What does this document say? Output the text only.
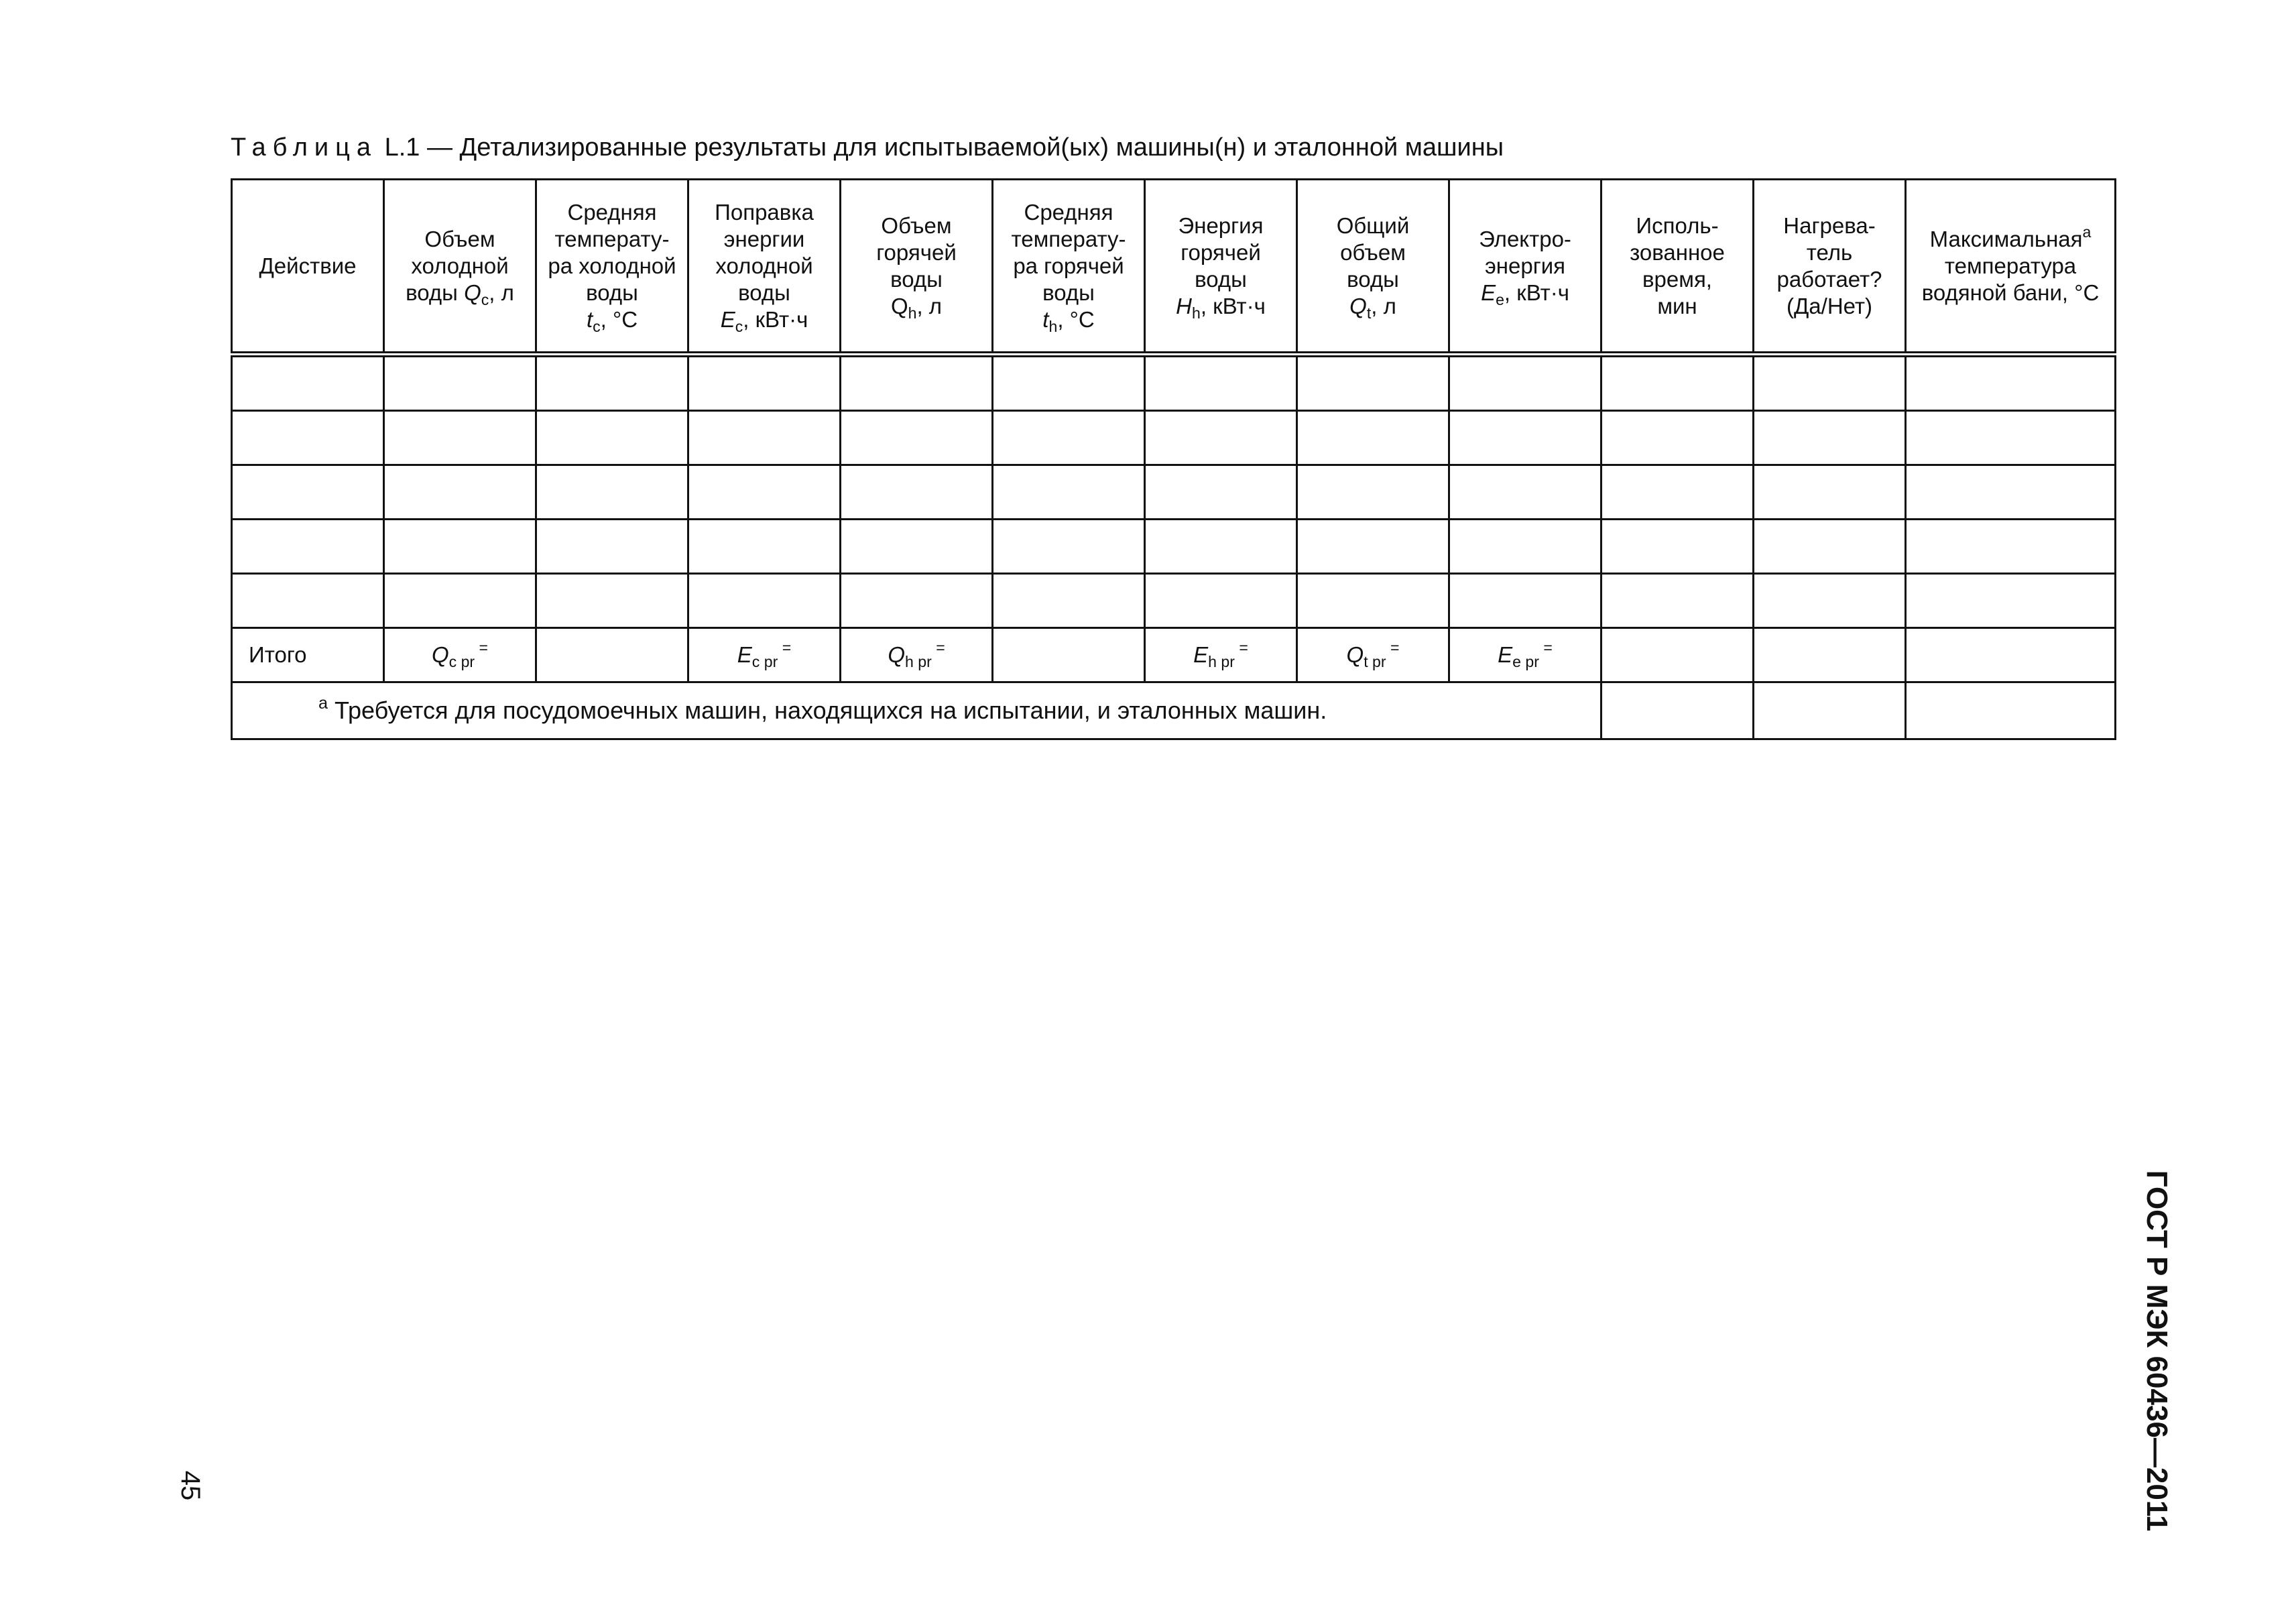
Таблица L.1 — Детализированные результаты для испытываемой(ых) машины(н) и эталонной машины
Действие	Объем
холодной
воды $Q_c$, л	Средняя
температу-
ра холодной
воды
$t_c$, °C	Поправка
энергии
холодной
воды
$E_c$, кВт·ч	Объем
горячей
воды
$Q_h$, л	Средняя
температу-
ра горячей
воды
$t_h$, °C	Энергия
горячей
воды
$H_h$, кВт·ч	Общий
объем
воды
$Q_t$, л	Электро-
энергия
$E_e$, кВт·ч	Исполь-
зованное
время,
мин	Нагрева-
тель
работает?
(Да/Нет)	Максимальная$^a$
температура
водяной бани, °C

Итого	$Q_{c pr}$ =		$E_{c pr}$ =	$Q_{h pr}$ =		$E_{h pr}$ =	$Q_{t pr}$ =	$E_{e pr}$ =			
$^a$ Требуется для посудомоечных машин, находящихся на испытании, и эталонных машин.											
ГОСТ Р МЭК 60436—2011
45
